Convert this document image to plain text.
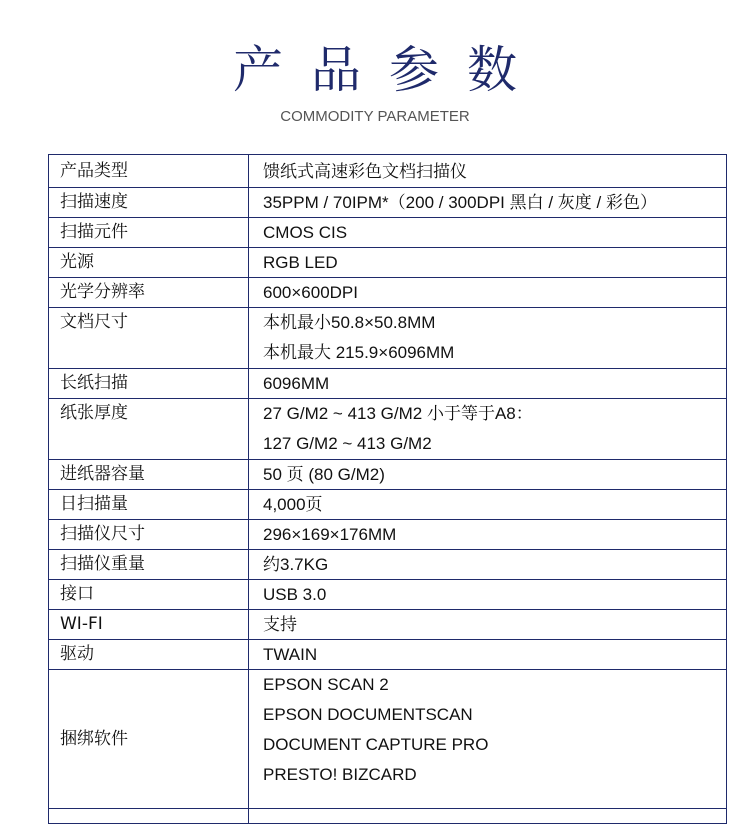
产品参数
COMMODITY PARAMETER
产品类型	馈纸式高速彩色文档扫描仪
扫描速度	35PPM / 70IPM*（200 / 300DPI 黑白 / 灰度 / 彩色）
扫描元件	CMOS CIS
光源	RGB LED
光学分辨率	600×600DPI
文档尺寸	本机最小50.8×50.8MM
本机最大 215.9×6096MM

长纸扫描	6096MM
纸张厚度	27 G/M2 ~ 413 G/M2 小于等于A8：
127 G/M2 ~ 413 G/M2

进纸器容量	50 页 (80 G/M2)
日扫描量	4,000页
扫描仪尺寸	296×169×176MM
扫描仪重量	约3.7KG
接口	USB 3.0
WI-FI	支持
驱动	TWAIN
捆绑软件	EPSON SCAN 2
EPSON DOCUMENTSCAN
DOCUMENT CAPTURE PRO
PRESTO! BIZCARD
